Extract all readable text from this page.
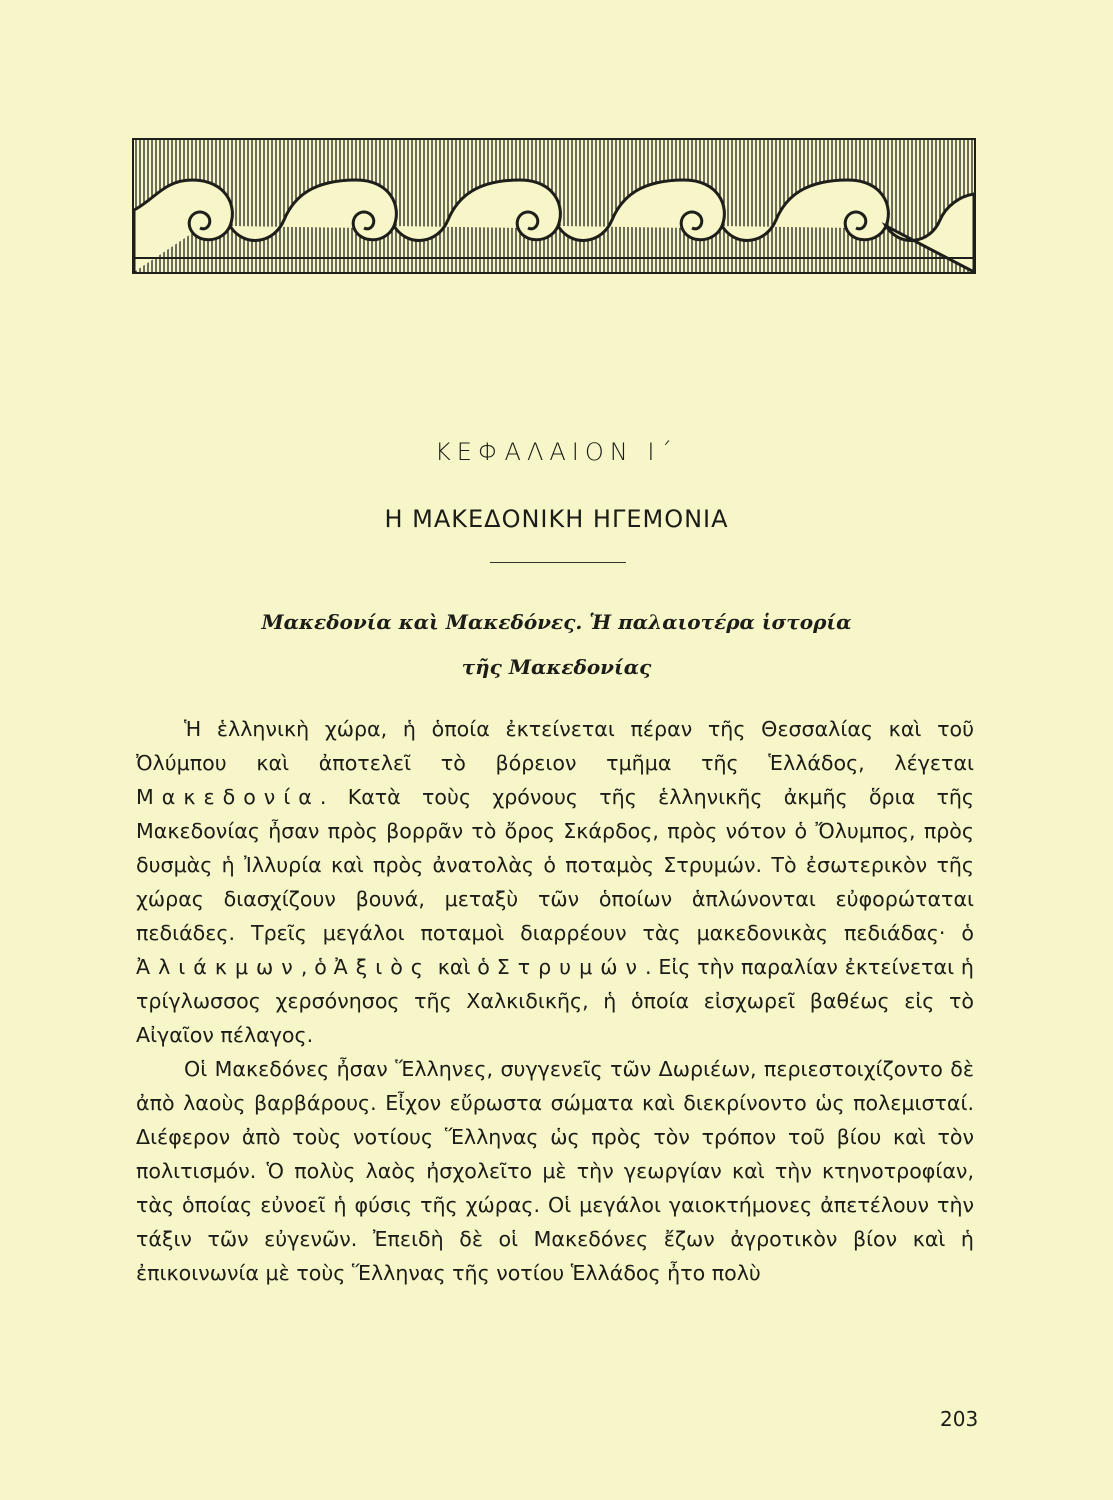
ΚΕΦΑΛΑΙΟΝ Ι΄
Η ΜΑΚΕΔΟΝΙΚΗ ΗΓΕΜΟΝΙΑ
Μακεδονία καὶ Μακεδόνες. Ἡ παλαιοτέρα ἱστορία
τῆς Μακεδονίας

Ἡ ἑλληνικὴ χώρα, ἡ ὁποία ἐκτείνεται πέραν τῆς Θεσσαλίας καὶ τοῦ Ὀλύμπου καὶ ἀποτελεῖ τὸ βόρειον τμῆμα τῆς Ἑλλάδος, λέγεται Μακεδονία. Κατὰ τοὺς χρόνους τῆς ἑλληνικῆς ἀκμῆς ὅρια τῆς Μακεδονίας ἦσαν πρὸς βορρᾶν τὸ ὄρος Σκάρδος, πρὸς νότον ὁ Ὄλυμπος, πρὸς δυσμὰς ἡ Ἰλλυρία καὶ πρὸς ἀνατολὰς ὁ ποταμὸς Στρυμών. Τὸ ἐσωτερικὸν τῆς χώρας διασχίζουν βουνά, μεταξὺ τῶν ὁποίων ἁπλώνονται εὐφορώταται πεδιάδες. Τρεῖς μεγάλοι ποταμοὶ διαρρέουν τὰς μακεδονικὰς πεδιάδας· ὁ Ἀλιάκμων, ὁ Ἀξιὸς καὶ ὁ Στρυμών. Εἰς τὴν παραλίαν ἐκτείνεται ἡ τρίγλωσσος χερσόνησος τῆς Χαλκιδικῆς, ἡ ὁποία εἰσχωρεῖ βαθέως εἰς τὸ Αἰγαῖον πέλαγος.

Οἱ Μακεδόνες ἦσαν Ἕλληνες, συγγενεῖς τῶν Δωριέων, περιεστοιχίζοντο δὲ ἀπὸ λαοὺς βαρβάρους. Εἶχον εὔρωστα σώματα καὶ διεκρίνοντο ὡς πολεμισταί. Διέφερον ἀπὸ τοὺς νοτίους Ἕλληνας ὡς πρὸς τὸν τρόπον τοῦ βίου καὶ τὸν πολιτισμόν. Ὁ πολὺς λαὸς ἠσχολεῖτο μὲ τὴν γεωργίαν καὶ τὴν κτηνοτροφίαν, τὰς ὁποίας εὐνοεῖ ἡ φύσις τῆς χώρας. Οἱ μεγάλοι γαιοκτήμονες ἀπετέλουν τὴν τάξιν τῶν εὐγενῶν. Ἐπειδὴ δὲ οἱ Μακεδόνες ἔζων ἀγροτικὸν βίον καὶ ἡ ἐπικοινωνία μὲ τοὺς Ἕλληνας τῆς νοτίου Ἑλλάδος ἦτο πολὺ

203
